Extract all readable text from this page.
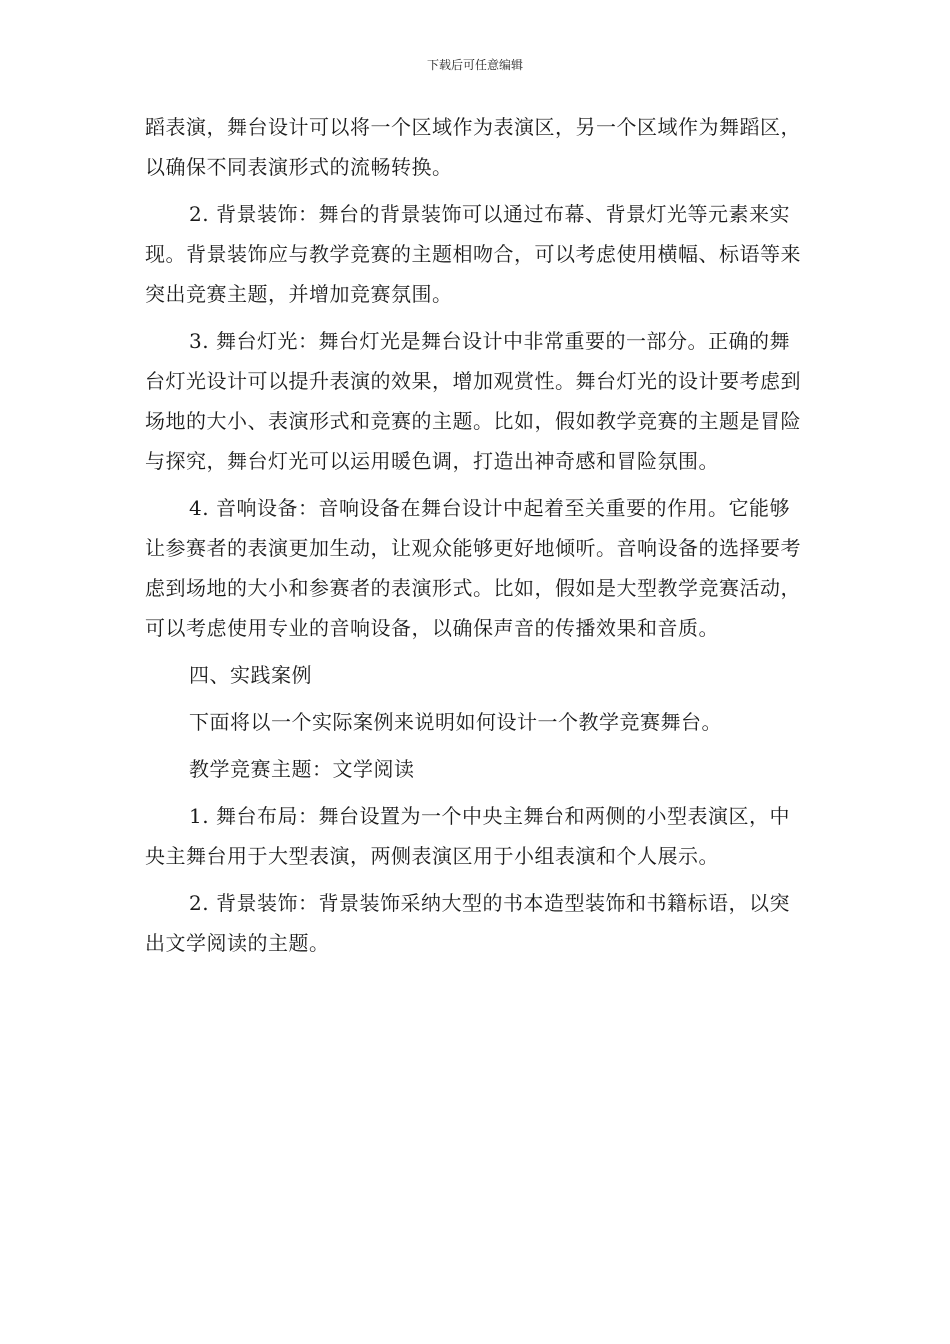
下载后可任意编辑

蹈表演，舞台设计可以将一个区域作为表演区，另一个区域作为舞蹈区，以确保不同表演形式的流畅转换。

2. 背景装饰：舞台的背景装饰可以通过布幕、背景灯光等元素来实现。背景装饰应与教学竞赛的主题相吻合，可以考虑使用横幅、标语等来突出竞赛主题，并增加竞赛氛围。

3. 舞台灯光：舞台灯光是舞台设计中非常重要的一部分。正确的舞台灯光设计可以提升表演的效果，增加观赏性。舞台灯光的设计要考虑到场地的大小、表演形式和竞赛的主题。比如，假如教学竞赛的主题是冒险与探究，舞台灯光可以运用暖色调，打造出神奇感和冒险氛围。

4. 音响设备：音响设备在舞台设计中起着至关重要的作用。它能够让参赛者的表演更加生动，让观众能够更好地倾听。音响设备的选择要考虑到场地的大小和参赛者的表演形式。比如，假如是大型教学竞赛活动，可以考虑使用专业的音响设备，以确保声音的传播效果和音质。

四、实践案例

下面将以一个实际案例来说明如何设计一个教学竞赛舞台。

教学竞赛主题：文学阅读

1. 舞台布局：舞台设置为一个中央主舞台和两侧的小型表演区，中央主舞台用于大型表演，两侧表演区用于小组表演和个人展示。

2. 背景装饰：背景装饰采纳大型的书本造型装饰和书籍标语，以突出文学阅读的主题。
